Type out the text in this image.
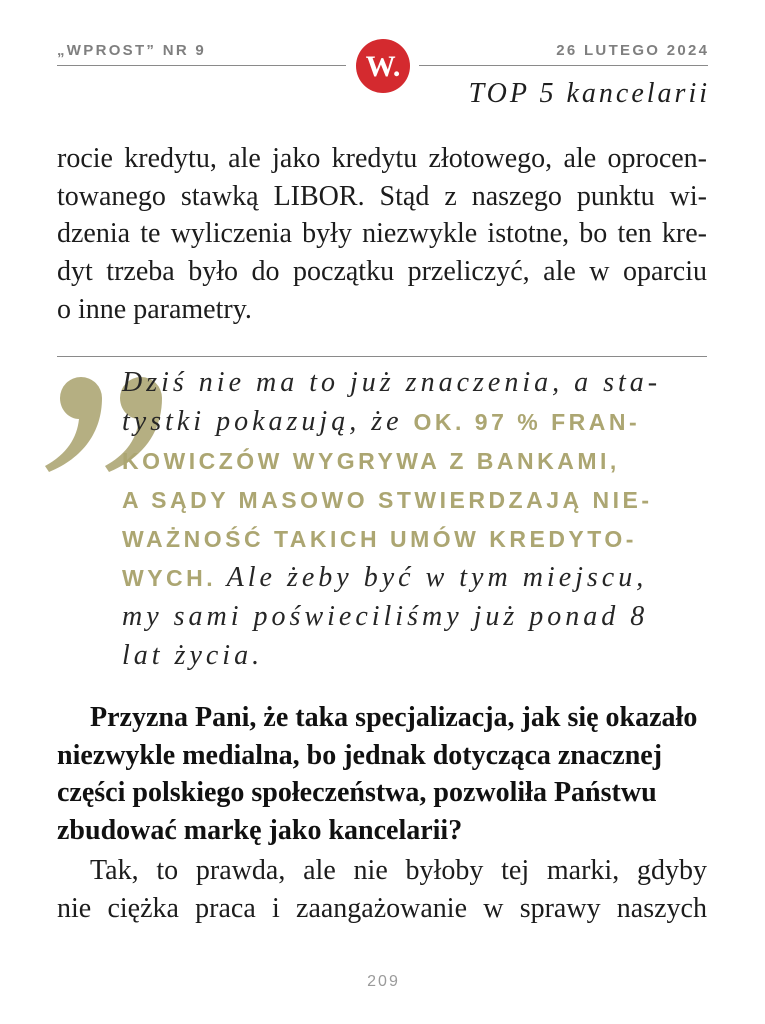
„WPROST” NR 9	26 LUTEGO 2024
W.
TOP 5 kancelarii
rocie kredytu, ale jako kredytu złotowego, ale oprocen-
towanego stawką LIBOR. Stąd z naszego punktu wi-
dzenia te wyliczenia były niezwykle istotne, bo ten kre-
dyt trzeba było do początku przeliczyć, ale w oparciu
o inne parametry.
Dziś nie ma to już znaczenia, a sta-
tystki pokazują, że OK. 97 % FRAN-
KOWICZÓW WYGRYWA Z BANKAMI,
A SĄDY MASOWO STWIERDZAJĄ NIE-
WAŻNOŚĆ TAKICH UMÓW KREDYTO-
WYCH. Ale żeby być w tym miejscu,
my sami poświeciliśmy już ponad 8
lat życia.
Przyzna Pani, że taka specjalizacja, jak się okazało
niezwykle medialna, bo jednak dotycząca znacznej
części polskiego społeczeństwa, pozwoliła Państwu
zbudować markę jako kancelarii?
Tak, to prawda, ale nie byłoby tej marki, gdyby
nie ciężka praca i zaangażowanie w sprawy naszych
209
